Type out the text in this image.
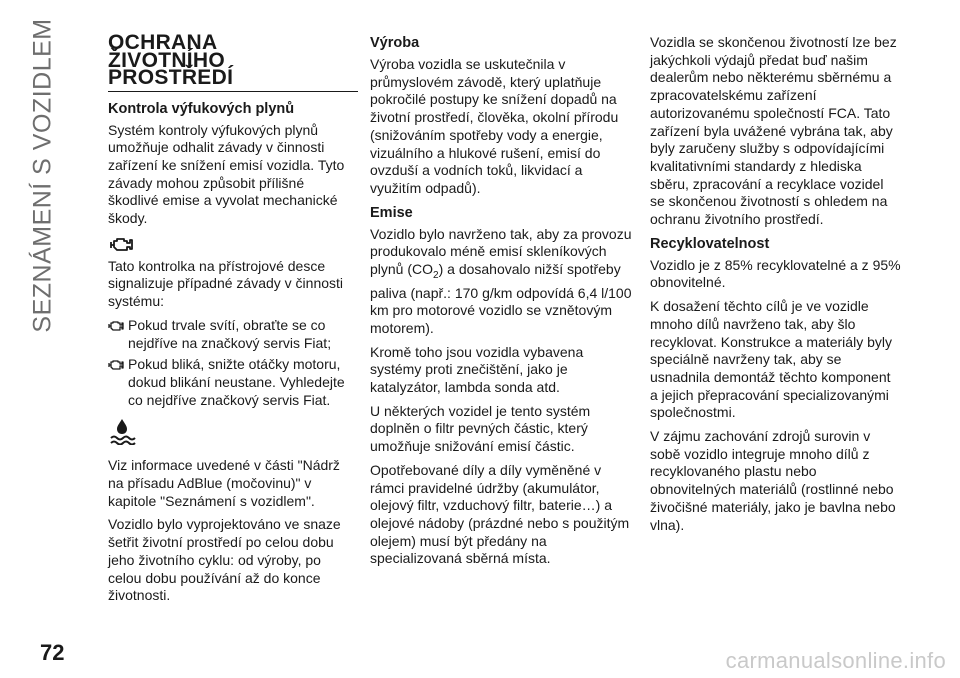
SEZNÁMENÍ S VOZIDLEM OCHRANA
ŽIVOTNÍHO
PROSTŘEDÍ
Kontrola výfukových plynů

Systém kontroly výfukových plynů umožňuje odhalit závady v činnosti zařízení ke snížení emisí vozidla. Tyto závady mohou způsobit přílišné škodlivé emise a vyvolat mechanické škody.

Tato kontrolka na přístrojové desce signalizuje případné závady v činnosti systému:

Pokud trvale svítí, obraťte se co nejdříve na značkový servis Fiat;
Pokud bliká, snižte otáčky motoru, dokud blikání neustane. Vyhledejte co nejdříve značkový servis Fiat.

Viz informace uvedené v části "Nádrž na přísadu AdBlue (močovinu)" v kapitole "Seznámení s vozidlem".

Vozidlo bylo vyprojektováno ve snaze šetřit životní prostředí po celou dobu jeho životního cyklu: od výroby, po celou dobu používání až do konce životnosti.

Výroba

Výroba vozidla se uskutečnila v průmyslovém závodě, který uplatňuje pokročilé postupy ke snížení dopadů na životní prostředí, člověka, okolní přírodu (snižováním spotřeby vody a energie, vizuálního a hlukové rušení, emisí do ovzduší a vodních toků, likvidací a využitím odpadů).

Emise

Vozidlo bylo navrženo tak, aby za provozu produkovalo méně emisí skleníkových plynů $(CO_2)$ a dosahovalo nižší spotřeby paliva (např.: 170 g/km odpovídá 6,4 l/100 km pro motorové vozidlo se vznětovým motorem).

Kromě toho jsou vozidla vybavena systémy proti znečištění, jako je katalyzátor, lambda sonda atd.

U některých vozidel je tento systém doplněn o filtr pevných částic, který umožňuje snižování emisí částic.

Opotřebované díly a díly vyměněné v rámci pravidelné údržby (akumulátor, olejový filtr, vzduchový filtr, baterie…) a olejové nádoby (prázdné nebo s použitým olejem) musí být předány na specializovaná sběrná místa.

Vozidla se skončenou životností lze bez jakýchkoli výdajů předat buď našim dealerům nebo některému sběrnému a zpracovatelskému zařízení autorizovanému společností FCA. Tato zařízení byla uvážené vybrána tak, aby byly zaručeny služby s odpovídajícími kvalitativními standardy z hlediska sběru, zpracování a recyklace vozidel se skončenou životností s ohledem na ochranu životního prostředí.

Recyklovatelnost

Vozidlo je z 85% recyklovatelné a z 95% obnovitelné.

K dosažení těchto cílů je ve vozidle mnoho dílů navrženo tak, aby šlo recyklovat. Konstrukce a materiály byly speciálně navrženy tak, aby se usnadnila demontáž těchto komponent a jejich přepracování specializovanými společnostmi.

V zájmu zachování zdrojů surovin v sobě vozidlo integruje mnoho dílů z recyklovaného plastu nebo obnovitelných materiálů (rostlinné nebo živočišné materiály, jako je bavlna nebo vlna).

72	carmanualsonline.info
